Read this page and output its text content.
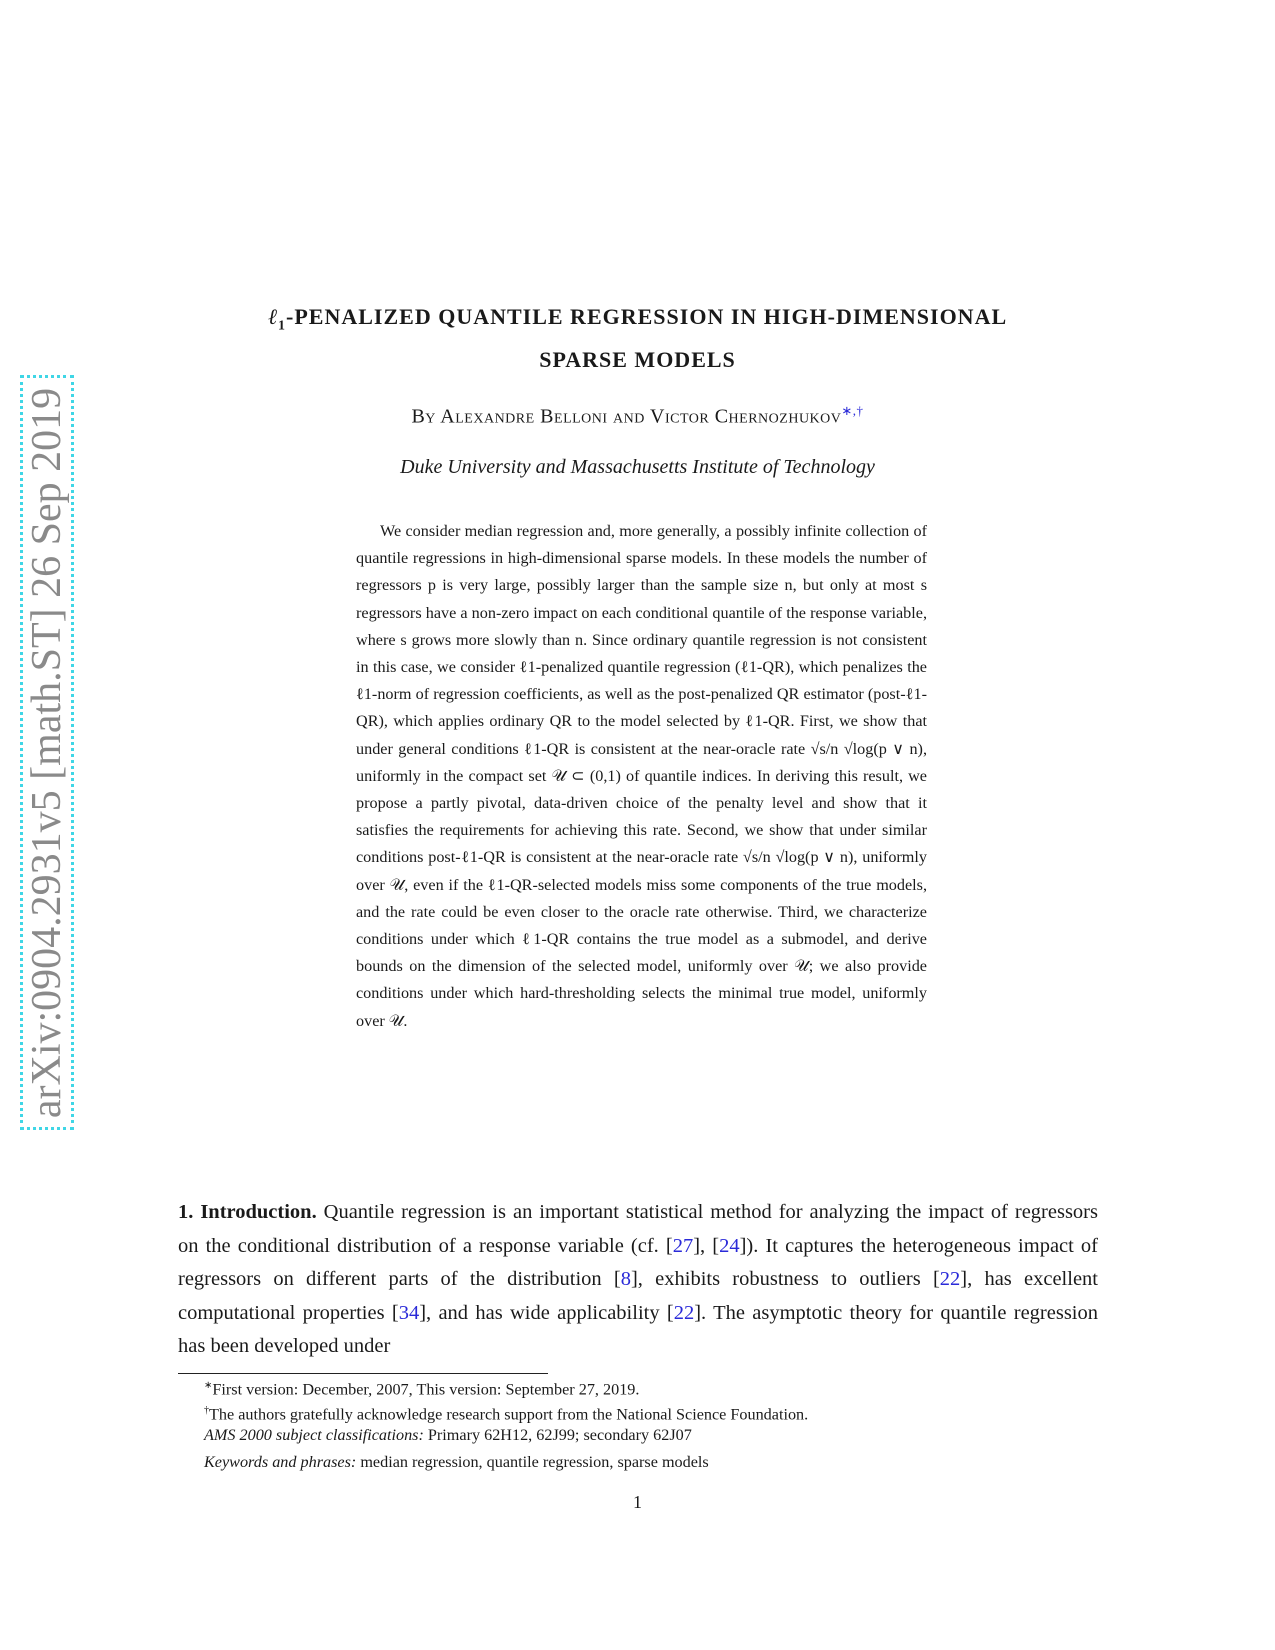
arXiv:0904.2931v5 [math.ST] 26 Sep 2019
ℓ$_1$-PENALIZED QUANTILE REGRESSION IN HIGH-DIMENSIONAL
SPARSE MODELS
By Alexandre Belloni and Victor Chernozhukov∗,†
Duke University and Massachusetts Institute of Technology
We consider median regression and, more generally, a possibly infinite collection of quantile regressions in high-dimensional sparse models. In these models the number of regressors p is very large, possibly larger than the sample size n, but only at most s regressors have a non-zero impact on each conditional quantile of the response variable, where s grows more slowly than n. Since ordinary quantile regression is not consistent in this case, we consider ℓ1-penalized quantile regression (ℓ1-QR), which penalizes the ℓ1-norm of regression coefficients, as well as the post-penalized QR estimator (post-ℓ1-QR), which applies ordinary QR to the model selected by ℓ1-QR. First, we show that under general conditions ℓ1-QR is consistent at the near-oracle rate √s/n √log(p ∨ n), uniformly in the compact set 𝒰 ⊂ (0,1) of quantile indices. In deriving this result, we propose a partly pivotal, data-driven choice of the penalty level and show that it satisfies the requirements for achieving this rate. Second, we show that under similar conditions post-ℓ1-QR is consistent at the near-oracle rate √s/n √log(p ∨ n), uniformly over 𝒰, even if the ℓ1-QR-selected models miss some components of the true models, and the rate could be even closer to the oracle rate otherwise. Third, we characterize conditions under which ℓ1-QR contains the true model as a submodel, and derive bounds on the dimension of the selected model, uniformly over 𝒰; we also provide conditions under which hard-thresholding selects the minimal true model, uniformly over 𝒰.
1. Introduction. Quantile regression is an important statistical method for analyzing the impact of regressors on the conditional distribution of a response variable (cf. [27], [24]). It captures the heterogeneous impact of regressors on different parts of the distribution [8], exhibits robustness to outliers [22], has excellent computational properties [34], and has wide applicability [22]. The asymptotic theory for quantile regression has been developed under
∗First version: December, 2007, This version: September 27, 2019.
†The authors gratefully acknowledge research support from the National Science Foundation.
AMS 2000 subject classifications: Primary 62H12, 62J99; secondary 62J07
Keywords and phrases: median regression, quantile regression, sparse models
1
